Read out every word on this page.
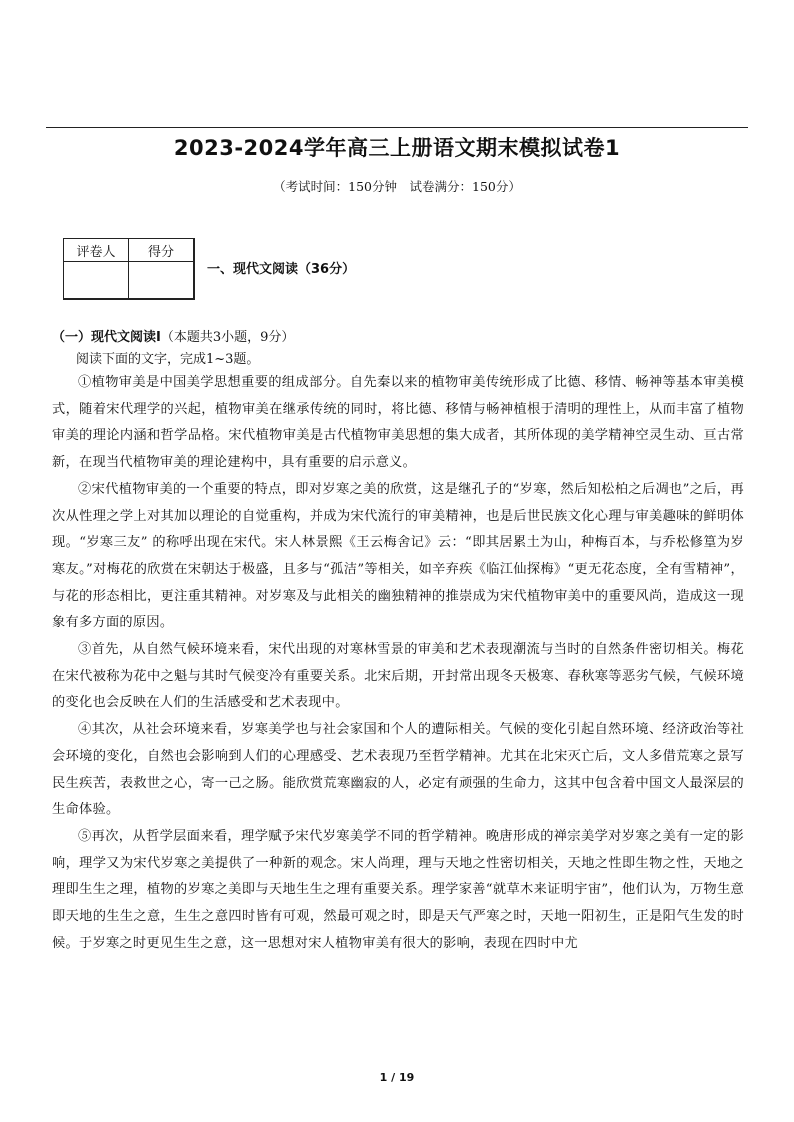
2023-2024学年高三上册语文期末模拟试卷1
（考试时间：150分钟　试卷满分：150分）
评卷人	得分

一、现代文阅读（36分）

（一）现代文阅读Ⅰ（本题共3小题，9分）

阅读下面的文字，完成1~3题。

①植物审美是中国美学思想重要的组成部分。自先秦以来的植物审美传统形成了比德、移情、畅神等基本审美模式，随着宋代理学的兴起，植物审美在继承传统的同时，将比德、移情与畅神植根于清明的理性上，从而丰富了植物审美的理论内涵和哲学品格。宋代植物审美是古代植物审美思想的集大成者，其所体现的美学精神空灵生动、亘古常新，在现当代植物审美的理论建构中，具有重要的启示意义。

②宋代植物审美的一个重要的特点，即对岁寒之美的欣赏，这是继孔子的“岁寒，然后知松柏之后凋也”之后，再次从性理之学上对其加以理论的自觉重构，并成为宋代流行的审美精神，也是后世民族文化心理与审美趣味的鲜明体现。“岁寒三友” 的称呼出现在宋代。宋人林景熙《王云梅舍记》云：“即其居累土为山，种梅百本，与乔松修篁为岁寒友。”对梅花的欣赏在宋朝达于极盛，且多与“孤洁”等相关，如辛弃疾《临江仙探梅》“更无花态度，全有雪精神”，与花的形态相比，更注重其精神。对岁寒及与此相关的幽独精神的推崇成为宋代植物审美中的重要风尚，造成这一现象有多方面的原因。

③首先，从自然气候环境来看，宋代出现的对寒林雪景的审美和艺术表现潮流与当时的自然条件密切相关。梅花在宋代被称为花中之魁与其时气候变冷有重要关系。北宋后期，开封常出现冬天极寒、春秋寒等恶劣气候，气候环境的变化也会反映在人们的生活感受和艺术表现中。

④其次，从社会环境来看，岁寒美学也与社会家国和个人的遭际相关。气候的变化引起自然环境、经济政治等社会环境的变化，自然也会影响到人们的心理感受、艺术表现乃至哲学精神。尤其在北宋灭亡后，文人多借荒寒之景写民生疾苦，表救世之心，寄一己之肠。能欣赏荒寒幽寂的人，必定有顽强的生命力，这其中包含着中国文人最深层的生命体验。

⑤再次，从哲学层面来看，理学赋予宋代岁寒美学不同的哲学精神。晚唐形成的禅宗美学对岁寒之美有一定的影响，理学又为宋代岁寒之美提供了一种新的观念。宋人尚理，理与天地之性密切相关，天地之性即生物之性，天地之理即生生之理，植物的岁寒之美即与天地生生之理有重要关系。理学家善“就草木来证明宇宙”，他们认为，万物生意即天地的生生之意，生生之意四时皆有可观，然最可观之时，即是天气严寒之时，天地一阳初生，正是阳气生发的时候。于岁寒之时更见生生之意，这一思想对宋人植物审美有很大的影响，表现在四时中尤

1 / 19
